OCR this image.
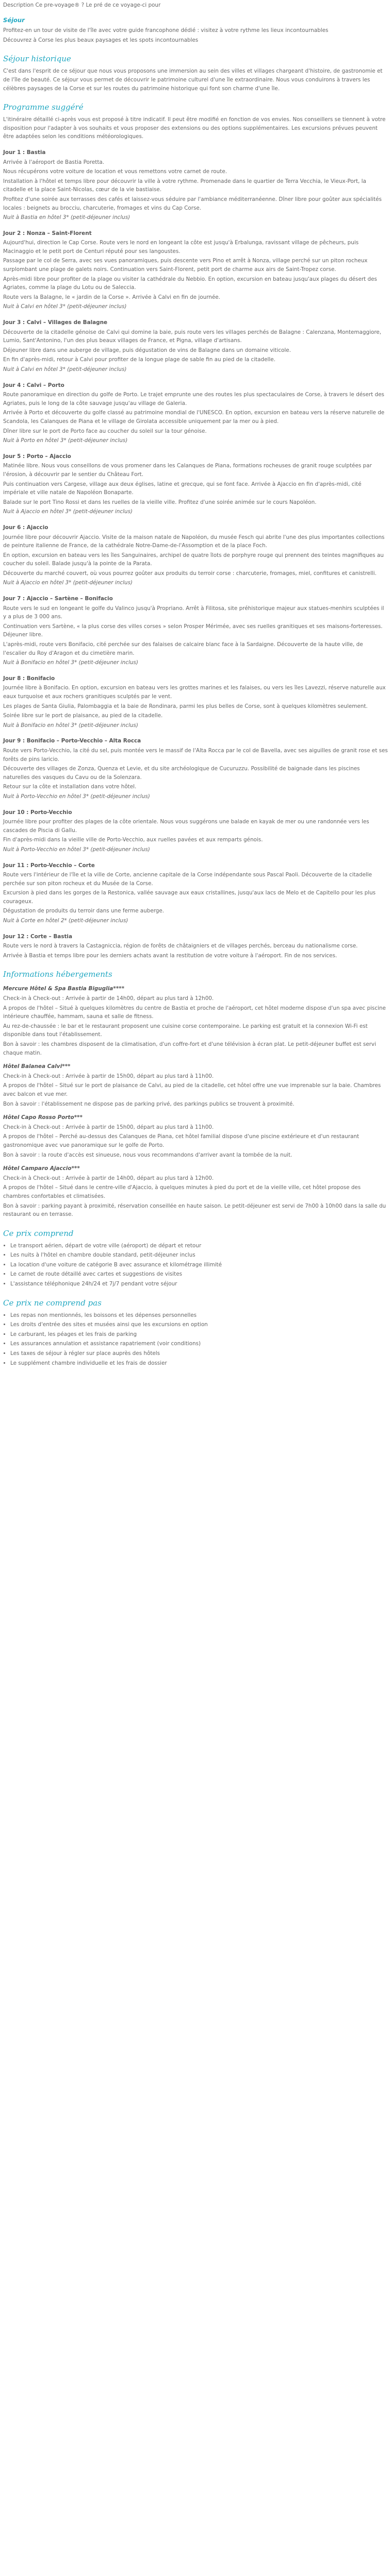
Description Ce pre-voyage® ? Le pré de ce voyage-ci pour

Séjour
Profitez-en un tour de visite de l'île avec votre guide francophone dédié : visitez à votre rythme les lieux incontournables
Découvrez à Corse les plus beaux paysages et les spots incontournables
Séjour historique

C'est dans l'esprit de ce séjour que nous vous proposons une immersion au sein des villes et villages chargeant d'histoire, de gastronomie et de l'île de beauté. Ce séjour vous permet de découvrir le patrimoine culturel d'une île extraordinaire. Nous vous conduirons à travers les célèbres paysages de la Corse et sur les routes du patrimoine historique qui font son charme d'une île.

Programme suggéré

L'itinéraire détaillé ci-après vous est proposé à titre indicatif. Il peut être modifié en fonction de vos envies. Nos conseillers se tiennent à votre disposition pour l'adapter à vos souhaits et vous proposer des extensions ou des options supplémentaires. Les excursions prévues peuvent être adaptées selon les conditions météorologiques.

Jour 1 : Bastia
Arrivée à l'aéroport de Bastia Poretta.
Nous récupérons votre voiture de location et vous remettons votre carnet de route.
Installation à l'hôtel et temps libre pour découvrir la ville à votre rythme. Promenade dans le quartier de Terra Vecchia, le Vieux-Port, la citadelle et la place Saint-Nicolas, cœur de la vie bastiaise.
Profitez d'une soirée aux terrasses des cafés et laissez-vous séduire par l'ambiance méditerranéenne. Dîner libre pour goûter aux spécialités locales : beignets au brocciu, charcuterie, fromages et vins du Cap Corse.
Nuit à Bastia en hôtel 3* (petit-déjeuner inclus)
Jour 2 : Nonza – Saint-Florent
Aujourd'hui, direction le Cap Corse. Route vers le nord en longeant la côte est jusqu'à Erbalunga, ravissant village de pêcheurs, puis Macinaggio et le petit port de Centuri réputé pour ses langoustes.
Passage par le col de Serra, avec ses vues panoramiques, puis descente vers Pino et arrêt à Nonza, village perché sur un piton rocheux surplombant une plage de galets noirs. Continuation vers Saint-Florent, petit port de charme aux airs de Saint-Tropez corse.
Après-midi libre pour profiter de la plage ou visiter la cathédrale du Nebbio. En option, excursion en bateau jusqu'aux plages du désert des Agriates, comme la plage du Lotu ou de Saleccia.
Route vers la Balagne, le « jardin de la Corse ». Arrivée à Calvi en fin de journée.
Nuit à Calvi en hôtel 3* (petit-déjeuner inclus)
Jour 3 : Calvi – Villages de Balagne
Découverte de la citadelle génoise de Calvi qui domine la baie, puis route vers les villages perchés de Balagne : Calenzana, Montemaggiore, Lumio, Sant'Antonino, l'un des plus beaux villages de France, et Pigna, village d'artisans.
Déjeuner libre dans une auberge de village, puis dégustation de vins de Balagne dans un domaine viticole.
En fin d'après-midi, retour à Calvi pour profiter de la longue plage de sable fin au pied de la citadelle.
Nuit à Calvi en hôtel 3* (petit-déjeuner inclus)
Jour 4 : Calvi – Porto
Route panoramique en direction du golfe de Porto. Le trajet emprunte une des routes les plus spectaculaires de Corse, à travers le désert des Agriates, puis le long de la côte sauvage jusqu'au village de Galeria.
Arrivée à Porto et découverte du golfe classé au patrimoine mondial de l'UNESCO. En option, excursion en bateau vers la réserve naturelle de Scandola, les Calanques de Piana et le village de Girolata accessible uniquement par la mer ou à pied.
Dîner libre sur le port de Porto face au coucher du soleil sur la tour génoise.
Nuit à Porto en hôtel 3* (petit-déjeuner inclus)
Jour 5 : Porto – Ajaccio
Matinée libre. Nous vous conseillons de vous promener dans les Calanques de Piana, formations rocheuses de granit rouge sculptées par l'érosion, à découvrir par le sentier du Château Fort.
Puis continuation vers Cargese, village aux deux églises, latine et grecque, qui se font face. Arrivée à Ajaccio en fin d'après-midi, cité impériale et ville natale de Napoléon Bonaparte.
Balade sur le port Tino Rossi et dans les ruelles de la vieille ville. Profitez d'une soirée animée sur le cours Napoléon.
Nuit à Ajaccio en hôtel 3* (petit-déjeuner inclus)
Jour 6 : Ajaccio
Journée libre pour découvrir Ajaccio. Visite de la maison natale de Napoléon, du musée Fesch qui abrite l'une des plus importantes collections de peinture italienne de France, de la cathédrale Notre-Dame-de-l'Assomption et de la place Foch.
En option, excursion en bateau vers les îles Sanguinaires, archipel de quatre îlots de porphyre rouge qui prennent des teintes magnifiques au coucher du soleil. Balade jusqu'à la pointe de la Parata.
Découverte du marché couvert, où vous pourrez goûter aux produits du terroir corse : charcuterie, fromages, miel, confitures et canistrelli.
Nuit à Ajaccio en hôtel 3* (petit-déjeuner inclus)
Jour 7 : Ajaccio – Sartène – Bonifacio
Route vers le sud en longeant le golfe du Valinco jusqu'à Propriano. Arrêt à Filitosa, site préhistorique majeur aux statues-menhirs sculptées il y a plus de 3 000 ans.
Continuation vers Sartène, « la plus corse des villes corses » selon Prosper Mérimée, avec ses ruelles granitiques et ses maisons-forteresses. Déjeuner libre.
L'après-midi, route vers Bonifacio, cité perchée sur des falaises de calcaire blanc face à la Sardaigne. Découverte de la haute ville, de l'escalier du Roy d'Aragon et du cimetière marin.
Nuit à Bonifacio en hôtel 3* (petit-déjeuner inclus)
Jour 8 : Bonifacio
Journée libre à Bonifacio. En option, excursion en bateau vers les grottes marines et les falaises, ou vers les îles Lavezzi, réserve naturelle aux eaux turquoise et aux rochers granitiques sculptés par le vent.
Les plages de Santa Giulia, Palombaggia et la baie de Rondinara, parmi les plus belles de Corse, sont à quelques kilomètres seulement.
Soirée libre sur le port de plaisance, au pied de la citadelle.
Nuit à Bonifacio en hôtel 3* (petit-déjeuner inclus)
Jour 9 : Bonifacio – Porto-Vecchio – Alta Rocca
Route vers Porto-Vecchio, la cité du sel, puis montée vers le massif de l'Alta Rocca par le col de Bavella, avec ses aiguilles de granit rose et ses forêts de pins laricio.
Découverte des villages de Zonza, Quenza et Levie, et du site archéologique de Cucuruzzu. Possibilité de baignade dans les piscines naturelles des vasques du Cavu ou de la Solenzara.
Retour sur la côte et installation dans votre hôtel.
Nuit à Porto-Vecchio en hôtel 3* (petit-déjeuner inclus)
Jour 10 : Porto-Vecchio
Journée libre pour profiter des plages de la côte orientale. Nous vous suggérons une balade en kayak de mer ou une randonnée vers les cascades de Piscia di Gallu.
Fin d'après-midi dans la vieille ville de Porto-Vecchio, aux ruelles pavées et aux remparts génois.
Nuit à Porto-Vecchio en hôtel 3* (petit-déjeuner inclus)
Jour 11 : Porto-Vecchio – Corte
Route vers l'intérieur de l'île et la ville de Corte, ancienne capitale de la Corse indépendante sous Pascal Paoli. Découverte de la citadelle perchée sur son piton rocheux et du Musée de la Corse.
Excursion à pied dans les gorges de la Restonica, vallée sauvage aux eaux cristallines, jusqu'aux lacs de Melo et de Capitello pour les plus courageux.
Dégustation de produits du terroir dans une ferme auberge.
Nuit à Corte en hôtel 2* (petit-déjeuner inclus)
Jour 12 : Corte – Bastia
Route vers le nord à travers la Castagniccia, région de forêts de châtaigniers et de villages perchés, berceau du nationalisme corse.
Arrivée à Bastia et temps libre pour les derniers achats avant la restitution de votre voiture à l'aéroport. Fin de nos services.
Informations hébergements
Mercure Hôtel & Spa Bastia Biguglia****
Check-in à Check-out : Arrivée à partir de 14h00, départ au plus tard à 12h00.
A propos de l'hôtel – Situé à quelques kilomètres du centre de Bastia et proche de l'aéroport, cet hôtel moderne dispose d'un spa avec piscine intérieure chauffée, hammam, sauna et salle de fitness.
Au rez-de-chaussée : le bar et le restaurant proposent une cuisine corse contemporaine. Le parking est gratuit et la connexion Wi-Fi est disponible dans tout l'établissement.
Bon à savoir : les chambres disposent de la climatisation, d'un coffre-fort et d'une télévision à écran plat. Le petit-déjeuner buffet est servi chaque matin.
Hôtel Balanea Calvi***
Check-in à Check-out : Arrivée à partir de 15h00, départ au plus tard à 11h00.
A propos de l'hôtel – Situé sur le port de plaisance de Calvi, au pied de la citadelle, cet hôtel offre une vue imprenable sur la baie. Chambres avec balcon et vue mer.
Bon à savoir : l'établissement ne dispose pas de parking privé, des parkings publics se trouvent à proximité.
Hôtel Capo Rosso Porto***
Check-in à Check-out : Arrivée à partir de 15h00, départ au plus tard à 11h00.
A propos de l'hôtel – Perché au-dessus des Calanques de Piana, cet hôtel familial dispose d'une piscine extérieure et d'un restaurant gastronomique avec vue panoramique sur le golfe de Porto.
Bon à savoir : la route d'accès est sinueuse, nous vous recommandons d'arriver avant la tombée de la nuit.
Hôtel Camparo Ajaccio***
Check-in à Check-out : Arrivée à partir de 14h00, départ au plus tard à 12h00.
A propos de l'hôtel – Situé dans le centre-ville d'Ajaccio, à quelques minutes à pied du port et de la vieille ville, cet hôtel propose des chambres confortables et climatisées.
Bon à savoir : parking payant à proximité, réservation conseillée en haute saison. Le petit-déjeuner est servi de 7h00 à 10h00 dans la salle du restaurant ou en terrasse.
Ce prix comprend
• Le transport aérien, départ de votre ville (aéroport) de départ et retour
• Les nuits à l'hôtel en chambre double standard, petit-déjeuner inclus
• La location d'une voiture de catégorie B avec assurance et kilométrage illimité
• Le carnet de route détaillé avec cartes et suggestions de visites
• L'assistance téléphonique 24h/24 et 7j/7 pendant votre séjour
Ce prix ne comprend pas
• Les repas non mentionnés, les boissons et les dépenses personnelles
• Les droits d'entrée des sites et musées ainsi que les excursions en option
• Le carburant, les péages et les frais de parking
• Les assurances annulation et assistance rapatriement (voir conditions)
• Les taxes de séjour à régler sur place auprès des hôtels
• Le supplément chambre individuelle et les frais de dossier
